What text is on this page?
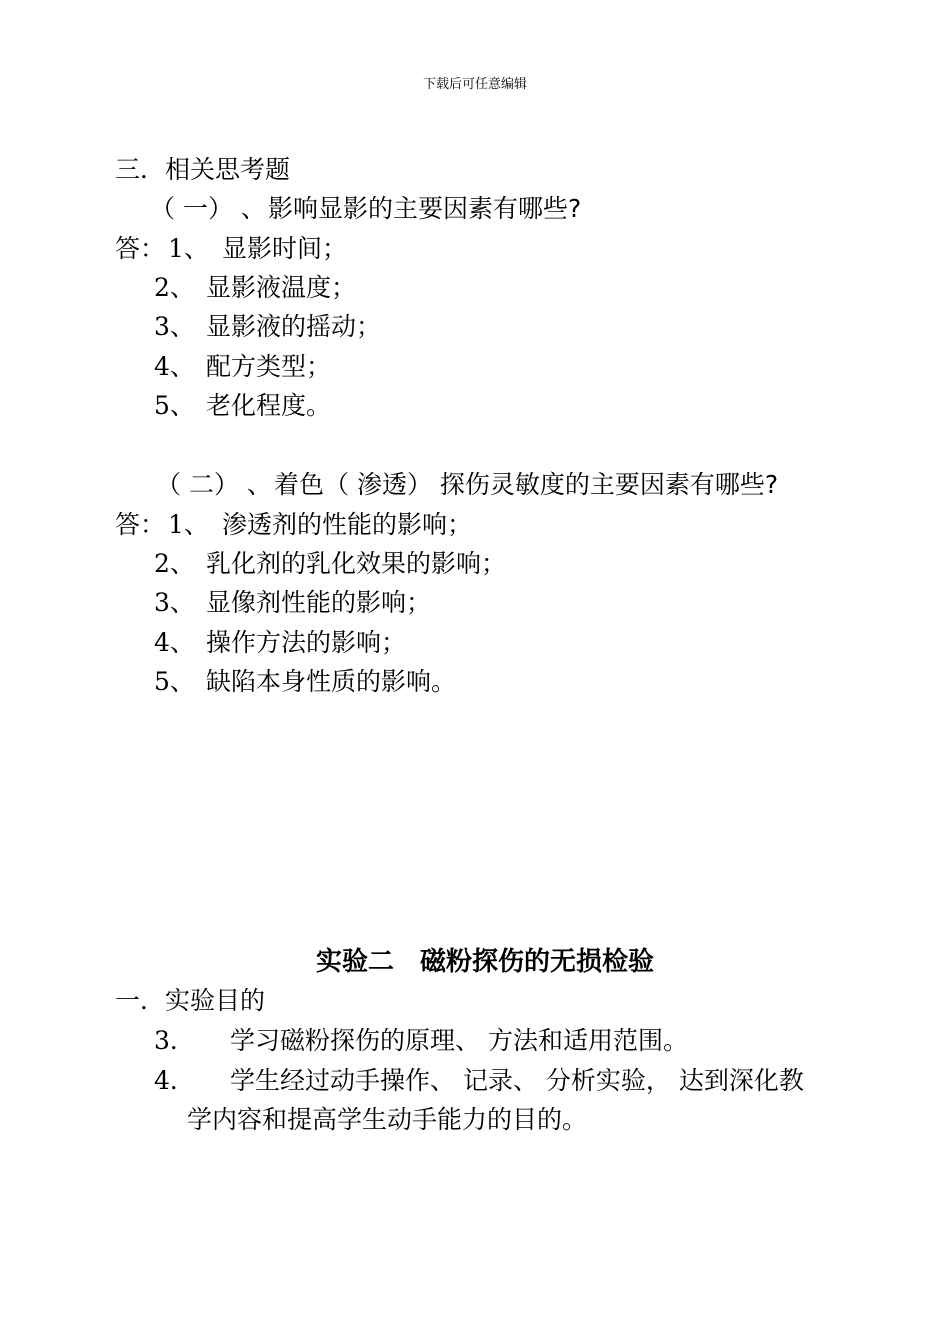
下载后可任意编辑
三．相关思考题
（ 一） 、 影响显影的主要因素有哪些?
答： 1、 显影时间；
2、 显影液温度；
3、 显影液的摇动；
4、 配方类型；
5、 老化程度。
（ 二） 、 着色（ 渗透） 探伤灵敏度的主要因素有哪些?
答： 1、 渗透剂的性能的影响；
2、 乳化剂的乳化效果的影响；
3、 显像剂性能的影响；
4、 操作方法的影响；
5、 缺陷本身性质的影响。
实验二　磁粉探伤的无损检验
一．实验目的
3． 学习磁粉探伤的原理、 方法和适用范围。
4． 学生经过动手操作、 记录、 分析实验， 达到深化教
学内容和提高学生动手能力的目的。
